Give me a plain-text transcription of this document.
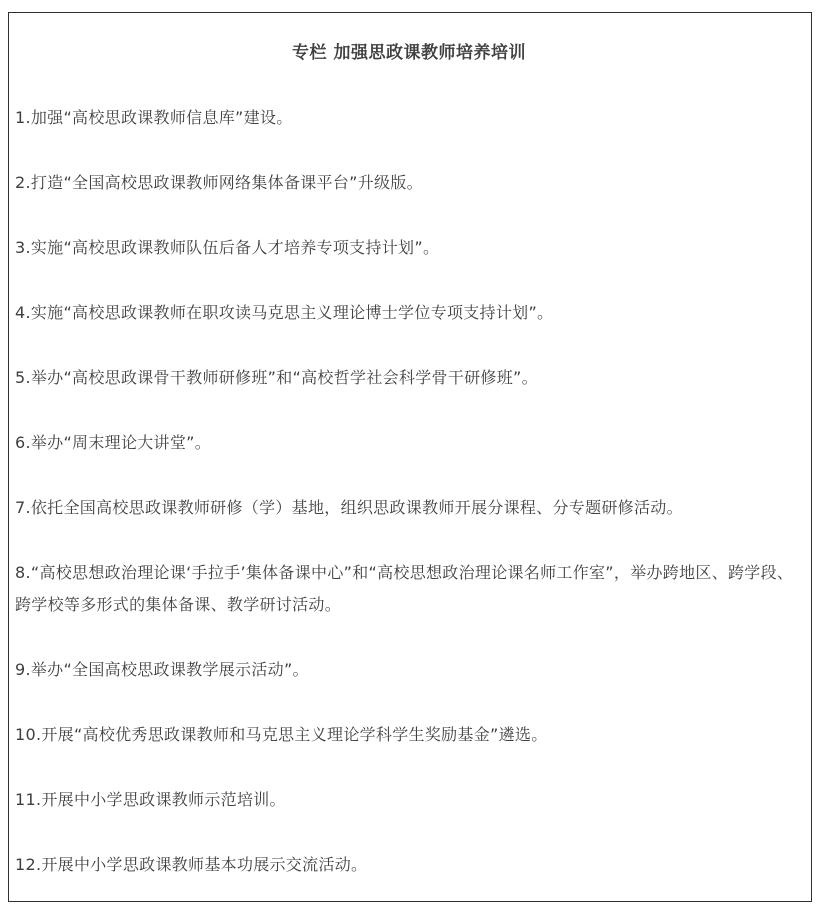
专栏 加强思政课教师培养培训

1.加强“高校思政课教师信息库”建设。

2.打造“全国高校思政课教师网络集体备课平台”升级版。

3.实施“高校思政课教师队伍后备人才培养专项支持计划”。

4.实施“高校思政课教师在职攻读马克思主义理论博士学位专项支持计划”。

5.举办“高校思政课骨干教师研修班”和“高校哲学社会科学骨干研修班”。

6.举办“周末理论大讲堂”。

7.依托全国高校思政课教师研修（学）基地，组织思政课教师开展分课程、分专题研修活动。

8.“高校思想政治理论课‘手拉手’集体备课中心”和“高校思想政治理论课名师工作室”，举办跨地区、跨学段、跨学校等多形式的集体备课、教学研讨活动。

9.举办“全国高校思政课教学展示活动”。

10.开展“高校优秀思政课教师和马克思主义理论学科学生奖励基金”遴选。

11.开展中小学思政课教师示范培训。

12.开展中小学思政课教师基本功展示交流活动。
